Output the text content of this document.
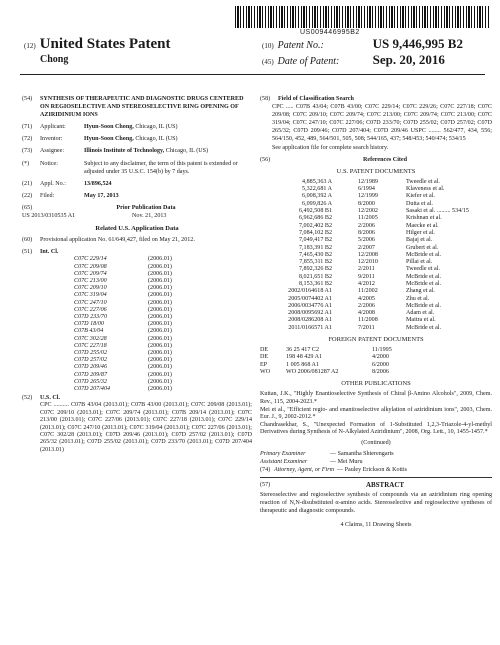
US009446995B2
(12) United States Patent
Chong
(10) Patent No.:	US 9,446,995 B2
(45) Date of Patent:	Sep. 20, 2016
(54)	SYNTHESIS OF THERAPEUTIC AND DIAGNOSTIC DRUGS CENTERED ON REGIOSELECTIVE AND STEREOSELECTIVE RING OPENING OF AZIRIDINIUM IONS
(71)	Applicant:	Hyun-Soon Chong, Chicago, IL (US)
(72)	Inventor:	Hyun-Soon Chong, Chicago, IL (US)
(73)	Assignee:	Illinois Institute of Technology, Chicago, IL (US)
(*)	Notice:	Subject to any disclaimer, the term of this patent is extended or adjusted under 35 U.S.C. 154(b) by 7 days.
(21)	Appl. No.:	13/896,524
(22)	Filed:	May 17, 2013
(65)	Prior Publication Data
US 2013/0310535 A1	Nov. 21, 2013
Related U.S. Application Data
(60)	Provisional application No. 61/649,427, filed on May 21, 2012.
(51)	Int. Cl.
C07C 229/14	(2006.01)
C07C 209/08	(2006.01)
C07C 209/74	(2006.01)
C07C 213/00	(2006.01)
C07C 209/10	(2006.01)
C07C 319/04	(2006.01)
C07C 247/10	(2006.01)
C07C 227/06	(2006.01)
C07D 233/70	(2006.01)
C07D 18/00	(2006.01)
C07B 43/04	(2006.01)
C07C 302/28	(2006.01)
C07C 227/18	(2006.01)
C07D 255/02	(2006.01)
C07D 257/02	(2006.01)
C07D 209/46	(2006.01)
C07D 209/87	(2006.01)
C07D 265/32	(2006.01)
C07D 207/404	(2006.01)
(52)	U.S. Cl.
CPC .......... C07B 43/04 (2013.01); C07B 43/00 (2013.01); C07C 209/08 (2013.01); C07C 209/10 (2013.01); C07C 209/74 (2013.01); C07B 209/14 (2013.01); C07C 213/00 (2013.01); C07C 227/06 (2013.01); C07C 227/18 (2013.01); C07C 229/14 (2013.01); C07C 247/10 (2013.01); C07C 319/04 (2013.01); C07C 227/06 (2013.01); C07C 302/28 (2013.01); C07D 209/46 (2013.01); C07D 257/02 (2013.01); C07D 265/32 (2013.01); C07D 255/02 (2013.01); C07D 233/70 (2013.01); C07D 207/404 (2013.01)
(58)	Field of Classification Search
CPC ..... C07B 43/04; C07B 43/00; C07C 229/14; C07C 229/26; C07C 227/18; C07C 209/08; C07C 209/10; C07C 209/74; C07C 213/00; C07C 209/74; C07C 213/00; C07C 319/04; C07C 247/10; C07C 227/06; C07D 233/70; C07D 255/02; C07D 257/02; C07D 265/32; C07D 209/46; C07D 207/404; C07D 209/46 USPC ........ 562/477, 434, 556; 564/150, 452, 489, 564/501, 505, 508; 544/165, 437; 548/453; 540/474; 534/15
See application file for complete search history.
(56)	References Cited
U.S. PATENT DOCUMENTS
4,885,363 A	12/1989	Tweedle et al.
5,322,681 A	6/1994	Klaveness et al.
6,008,392 A	12/1999	Kiefer et al.
6,099,826 A	8/2000	Dutta et al.
6,492,508 B1	12/2002	Sasaki et al. ......... 534/15
6,962,686 B2	11/2005	Krishnan et al.
7,002,402 B2	2/2006	Maecke et al.
7,084,102 B2	8/2006	Hilger et al.
7,049,417 B2	5/2006	Bajaj et al.
7,183,391 B2	2/2007	Grubert et al.
7,465,430 B2	12/2008	McBride et al.
7,855,311 B2	12/2010	Pillai et al.
7,892,326 B2	2/2011	Tweedle et al.
8,021,651 B2	9/2011	McBride et al.
8,153,361 B2	4/2012	McBride et al.
2002/0164618 A1	11/2002	Zhang et al.
2005/0074402 A1	4/2005	Zhu et al.
2006/0034776 A1	2/2006	McBride et al.
2008/0095692 A1	4/2008	Adam et al.
2008/0286208 A1	11/2008	Maitra et al.
2011/0166571 A1	7/2011	McBride et al.
FOREIGN PATENT DOCUMENTS
DE	36 25 417 C2	11/1995
DE	198 48 429 A1	4/2000
EP	1 005 868 A1	6/2000
WO	WO 2006/081287 A2	8/2006
OTHER PUBLICATIONS
Kuttan, J.K., "Highly Enantioselective Synthesis of Chiral β-Amino Alcohols", 2009, Chem. Rev., 115, 2004-2023.*
Mei et al., "Efficient regio- and enantioselective alkylation of aziridinium ions", 2003, Chem. Eur. J., 9, 2002-2012.*
Chandrasekhar, S., "Unexpected Formation of 1-Substituted 1,2,3-Triazole-4-yl-methyl Derivatives during Synthesis of N-Alkylated Aziridinium", 2008, Org. Lett., 10, 1455-1457.*
(Continued)
Primary Examiner	— Samantha Shterengarts
Assistant Examiner	— Mei Muru
(74) Attorney, Agent, or Firm — Pauley Erickson & Kottis
(57)	ABSTRACT
Stereoselective and regioselective synthesis of compounds via an aziridinium ring opening reaction of N,N-disubstituted α-amino acids. Stereoselective and regioselective syntheses of therapeutic and diagnostic compounds.
4 Claims, 11 Drawing Sheets
